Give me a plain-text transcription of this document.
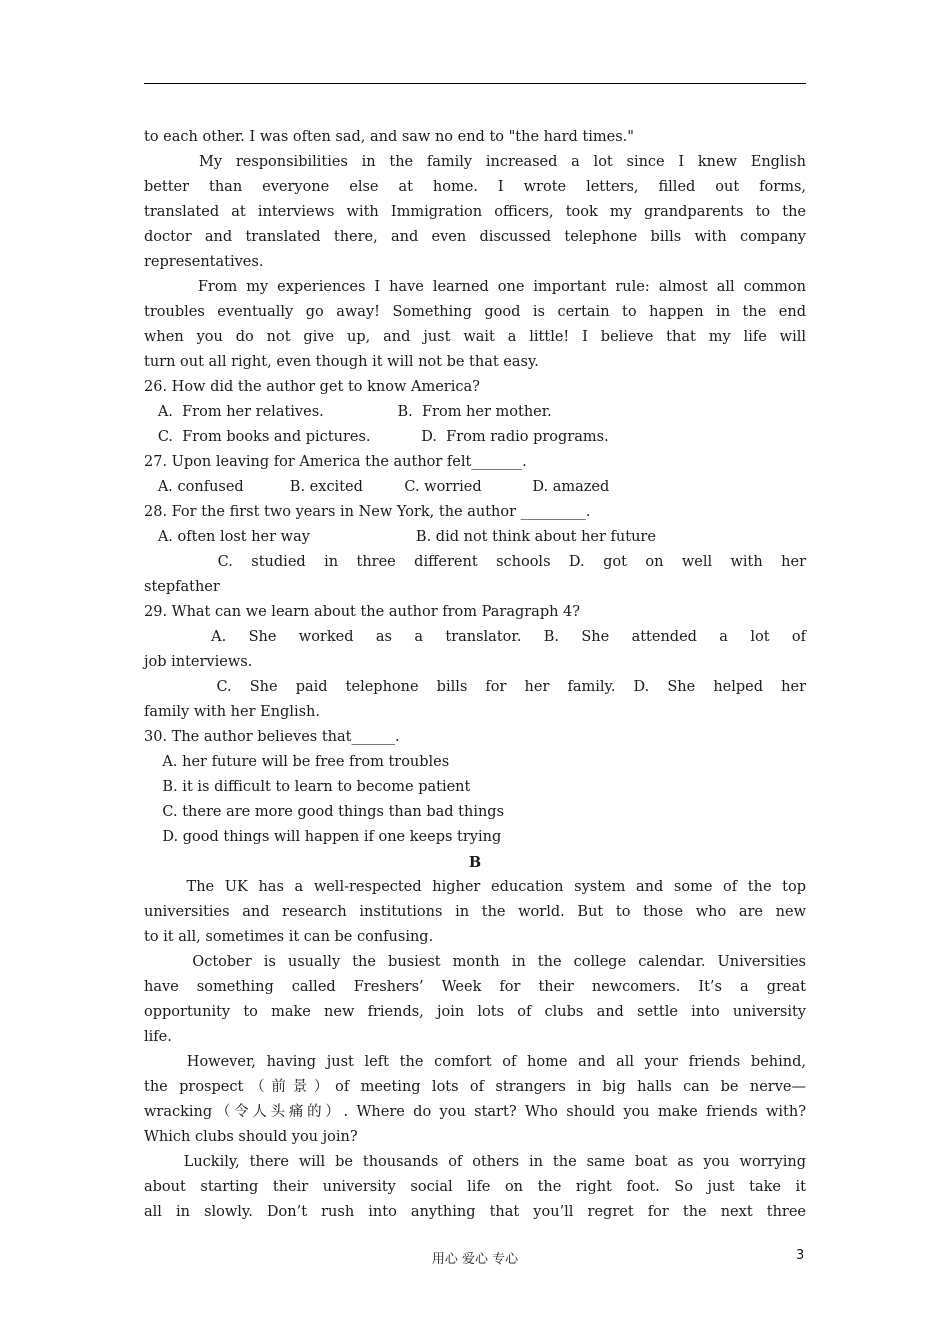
to each other. I was often sad, and saw no end to "the hard times."
My responsibilities in the family increased a lot since I knew English
better than everyone else at home. I wrote letters, filled out forms,
translated at interviews with Immigration officers, took my grandparents to the
doctor and translated there, and even discussed telephone bills with company
representatives.
From my experiences I have learned one important rule: almost all common
troubles eventually go away! Something good is certain to happen in the end
when you do not give up, and just wait a little! I believe that my life will
turn out all right, even though it will not be that easy.
26. How did the author get to know America?
A.  From her relatives.                B.  From her mother.
C.  From books and pictures.           D.  From radio programs.
27. Upon leaving for America the author felt_______.
A. confused          B. excited         C. worried           D. amazed
28. For the first two years in New York, the author _________.
A. often lost her way                       B. did not think about her future
C. studied in three different schools D. got on well with her
stepfather
29. What can we learn about the author from Paragraph 4?
A. She worked as a translator. B. She attended a lot of
job interviews.
C. She paid telephone bills for her family. D. She helped her
family with her English.
30. The author believes that______.
A. her future will be free from troubles
B. it is difficult to learn to become patient
C. there are more good things than bad things
D. good things will happen if one keeps trying
B
The UK has a well-respected higher education system and some of the top
universities and research institutions in the world. But to those who are new
to it all, sometimes it can be confusing.
October is usually the busiest month in the college calendar. Universities
have something called Freshers’ Week for their newcomers. It’s a great
opportunity to make new friends, join lots of clubs and settle into university
life.
However, having just left the comfort of home and all your friends behind,
the prospect（前景）of meeting lots of strangers in big halls can be nerve—
wracking（令人头痛的）. Where do you start? Who should you make friends with?
Which clubs should you join?
Luckily, there will be thousands of others in the same boat as you worrying
about starting their university social life on the right foot. So just take it
all in slowly. Don’t rush into anything that you’ll regret for the next three
用心 爱心 专心	3
